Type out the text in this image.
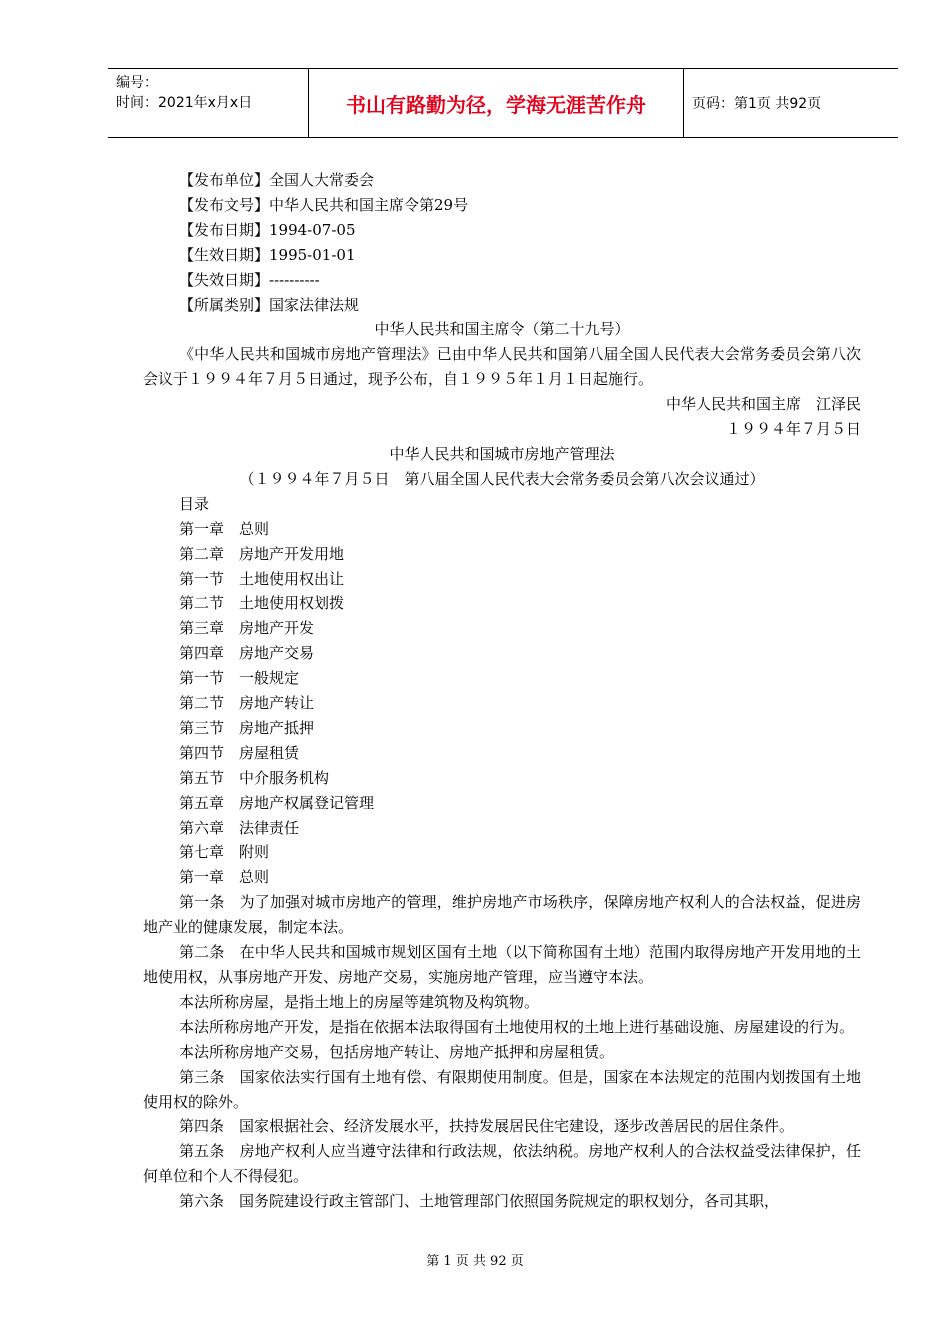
编号：
时间：2021年x月x日	书山有路勤为径，学海无涯苦作舟	页码：第1页 共92页
【发布单位】全国人大常委会
【发布文号】中华人民共和国主席令第29号
【发布日期】1994-07-05
【生效日期】1995-01-01
【失效日期】----------
【所属类别】国家法律法规
中华人民共和国主席令（第二十九号）
《中华人民共和国城市房地产管理法》已由中华人民共和国第八届全国人民代表大会常务委员会第八次会议于１９９４年７月５日通过，现予公布，自１９９５年１月１日起施行。
中华人民共和国主席　江泽民
１９９４年７月５日
中华人民共和国城市房地产管理法
（１９９４年７月５日　第八届全国人民代表大会常务委员会第八次会议通过）
目录
第一章　总则
第二章　房地产开发用地
第一节　土地使用权出让
第二节　土地使用权划拨
第三章　房地产开发
第四章　房地产交易
第一节　一般规定
第二节　房地产转让
第三节　房地产抵押
第四节　房屋租赁
第五节　中介服务机构
第五章　房地产权属登记管理
第六章　法律责任
第七章　附则
第一章　总则
第一条　为了加强对城市房地产的管理，维护房地产市场秩序，保障房地产权利人的合法权益，促进房地产业的健康发展，制定本法。
第二条　在中华人民共和国城市规划区国有土地（以下简称国有土地）范围内取得房地产开发用地的土地使用权，从事房地产开发、房地产交易，实施房地产管理，应当遵守本法。
本法所称房屋，是指土地上的房屋等建筑物及构筑物。
本法所称房地产开发，是指在依据本法取得国有土地使用权的土地上进行基础设施、房屋建设的行为。
本法所称房地产交易，包括房地产转让、房地产抵押和房屋租赁。
第三条　国家依法实行国有土地有偿、有限期使用制度。但是，国家在本法规定的范围内划拨国有土地使用权的除外。
第四条　国家根据社会、经济发展水平，扶持发展居民住宅建设，逐步改善居民的居住条件。
第五条　房地产权利人应当遵守法律和行政法规，依法纳税。房地产权利人的合法权益受法律保护，任何单位和个人不得侵犯。
第六条　国务院建设行政主管部门、土地管理部门依照国务院规定的职权划分，各司其职，
第 1 页 共 92 页
